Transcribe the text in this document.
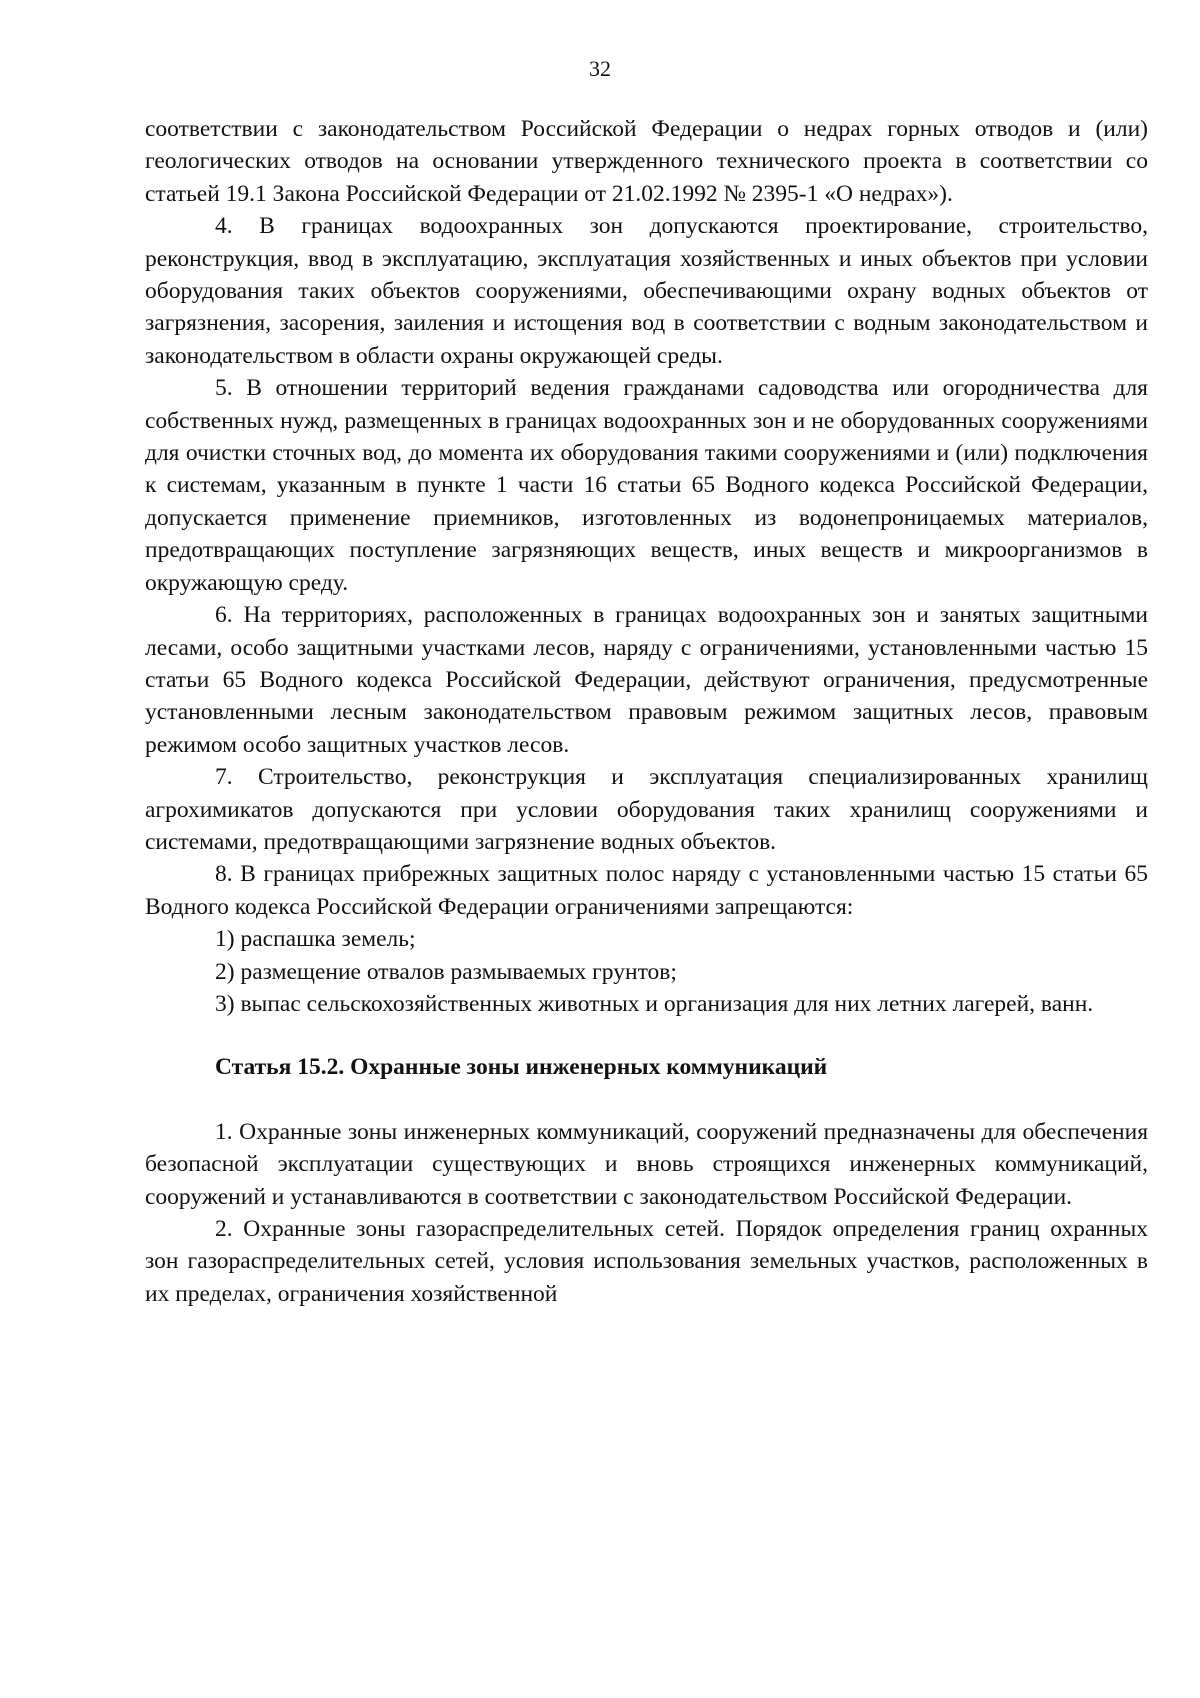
32

соответствии с законодательством Российской Федерации о недрах горных отводов и (или) геологических отводов на основании утвержденного технического проекта в соответствии со статьей 19.1 Закона Российской Федерации от 21.02.1992 № 2395-1 «О недрах»).

4. В границах водоохранных зон допускаются проектирование, строительство, реконструкция, ввод в эксплуатацию, эксплуатация хозяйственных и иных объектов при условии оборудования таких объектов сооружениями, обеспечивающими охрану водных объектов от загрязнения, засорения, заиления и истощения вод в соответствии с водным законодательством и законодательством в области охраны окружающей среды.

5. В отношении территорий ведения гражданами садоводства или огородничества для собственных нужд, размещенных в границах водоохранных зон и не оборудованных сооружениями для очистки сточных вод, до момента их оборудования такими сооружениями и (или) подключения к системам, указанным в пункте 1 части 16 статьи 65 Водного кодекса Российской Федерации, допускается применение приемников, изготовленных из водонепроницаемых материалов, предотвращающих поступление загрязняющих веществ, иных веществ и микроорганизмов в окружающую среду.

6. На территориях, расположенных в границах водоохранных зон и занятых защитными лесами, особо защитными участками лесов, наряду с ограничениями, установленными частью 15 статьи 65 Водного кодекса Российской Федерации, действуют ограничения, предусмотренные установленными лесным законодательством правовым режимом защитных лесов, правовым режимом особо защитных участков лесов.

7. Строительство, реконструкция и эксплуатация специализированных хранилищ агрохимикатов допускаются при условии оборудования таких хранилищ сооружениями и системами, предотвращающими загрязнение водных объектов.

8. В границах прибрежных защитных полос наряду с установленными частью 15 статьи 65 Водного кодекса Российской Федерации ограничениями запрещаются:

1) распашка земель;

2) размещение отвалов размываемых грунтов;

3) выпас сельскохозяйственных животных и организация для них летних лагерей, ванн.

Статья 15.2. Охранные зоны инженерных коммуникаций

1. Охранные зоны инженерных коммуникаций, сооружений предназначены для обеспечения безопасной эксплуатации существующих и вновь строящихся инженерных коммуникаций, сооружений и устанавливаются в соответствии с законодательством Российской Федерации.

2. Охранные зоны газораспределительных сетей. Порядок определения границ охранных зон газораспределительных сетей, условия использования земельных участков, расположенных в их пределах, ограничения хозяйственной
